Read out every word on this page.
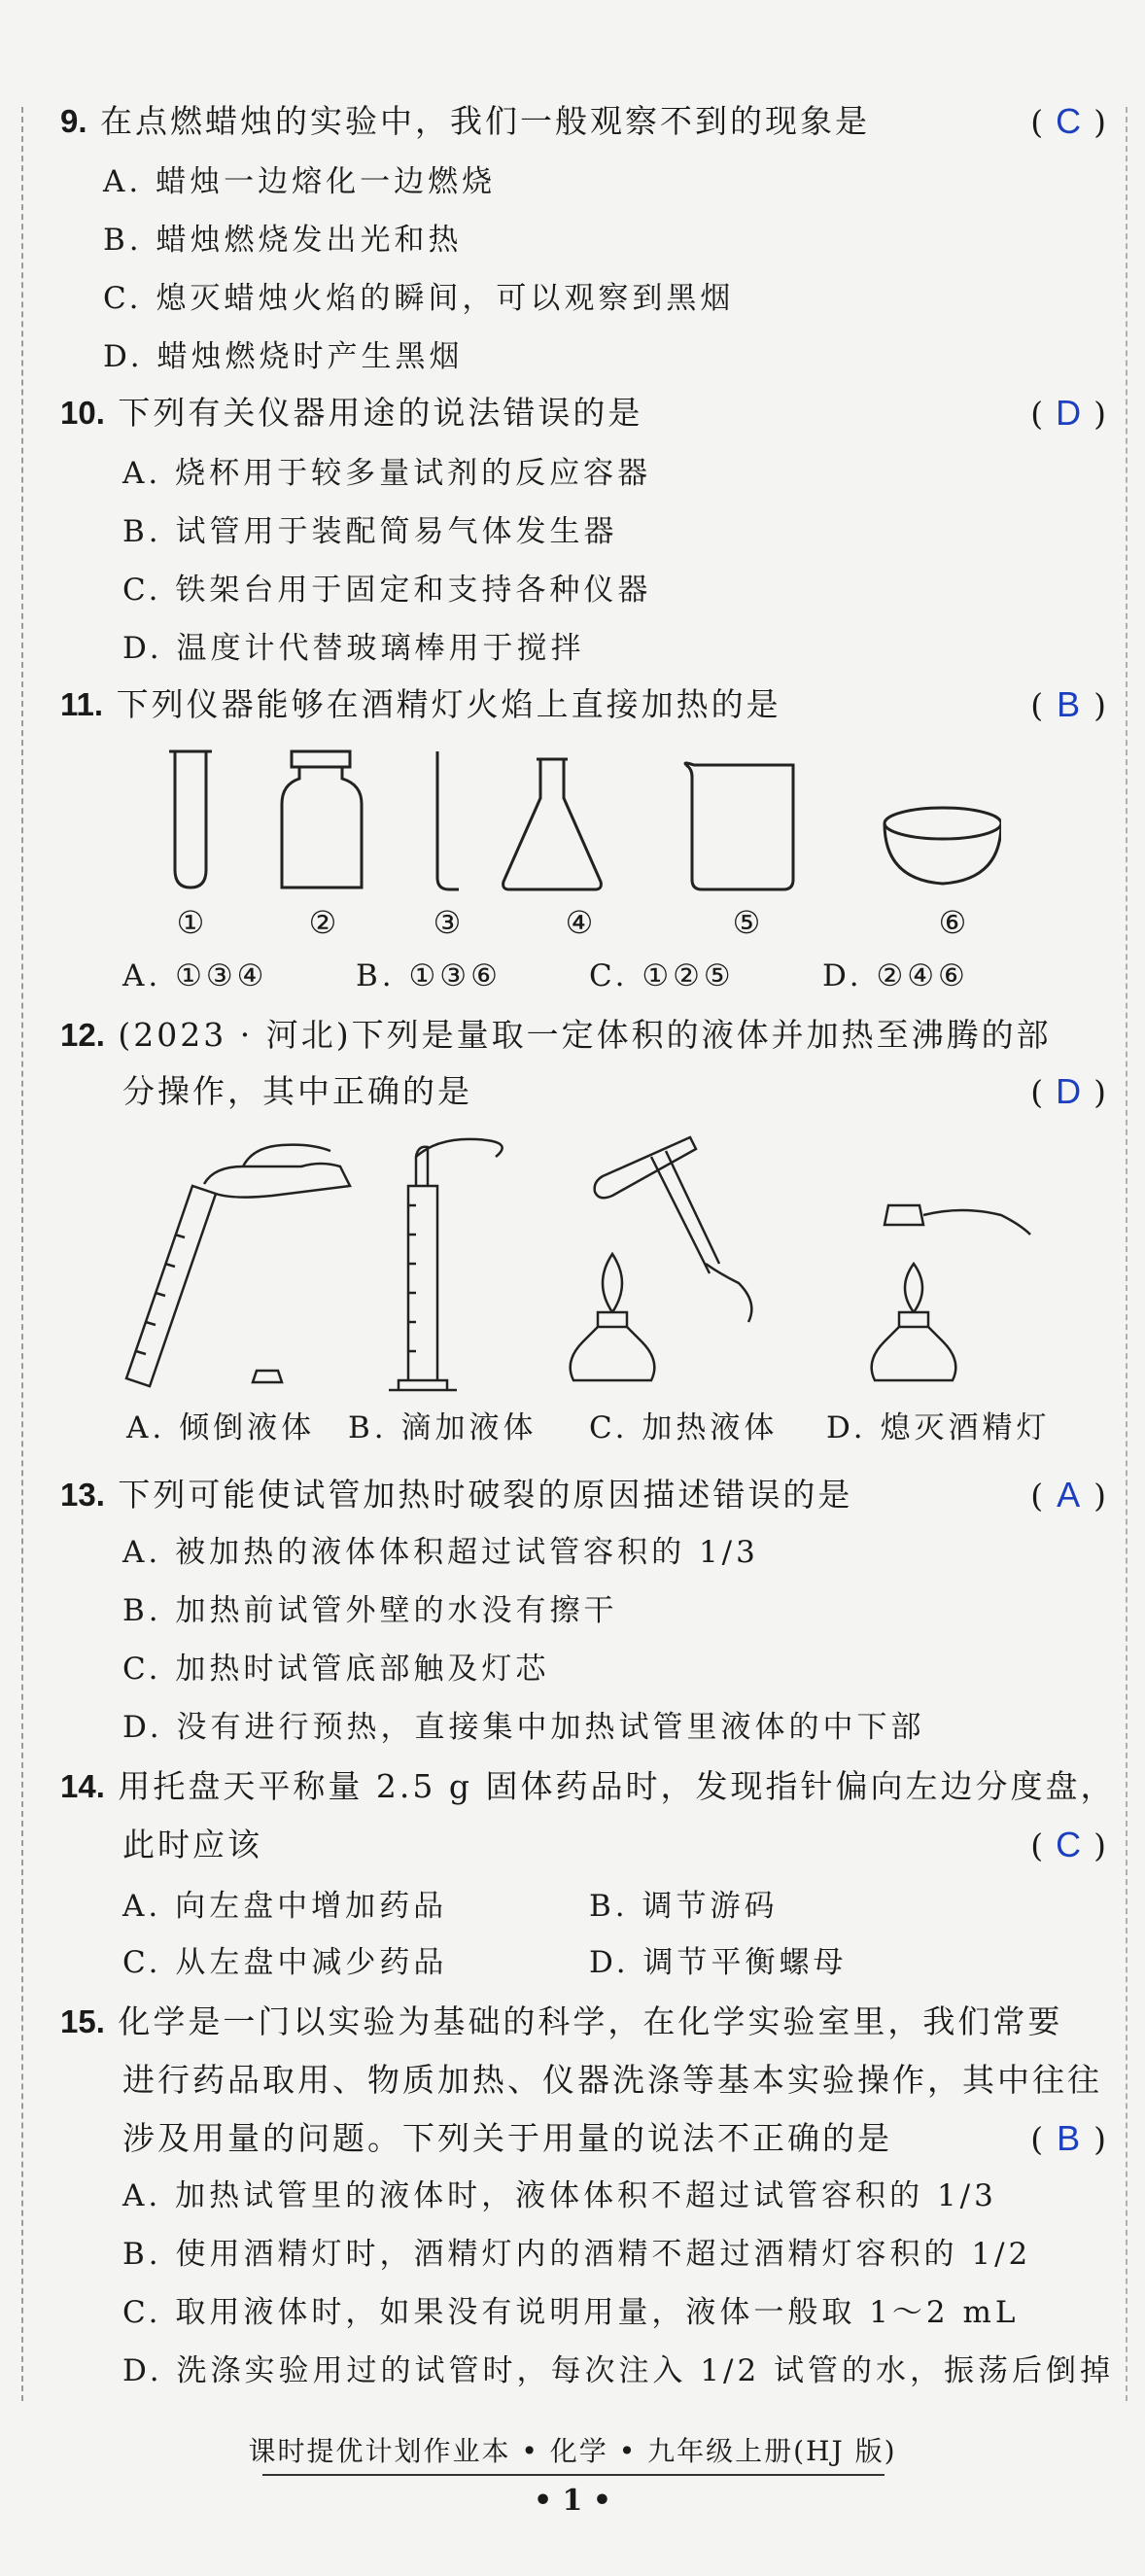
9. 在点燃蜡烛的实验中，我们一般观察不到的现象是	( C )
A. 蜡烛一边熔化一边燃烧
B. 蜡烛燃烧发出光和热
C. 熄灭蜡烛火焰的瞬间，可以观察到黑烟
D. 蜡烛燃烧时产生黑烟
10. 下列有关仪器用途的说法错误的是	( D )
A. 烧杯用于较多量试剂的反应容器
B. 试管用于装配简易气体发生器
C. 铁架台用于固定和支持各种仪器
D. 温度计代替玻璃棒用于搅拌
11. 下列仪器能够在酒精灯火焰上直接加热的是	( B )
①	②	③	④	⑤	⑥
A. ①③④	B. ①③⑥	C. ①②⑤	D. ②④⑥
12. (2023 · 河北)下列是量取一定体积的液体并加热至沸腾的部
分操作，其中正确的是	( D )
A. 倾倒液体 B. 滴加液体 C. 加热液体 D. 熄灭酒精灯
13. 下列可能使试管加热时破裂的原因描述错误的是	( A )
A. 被加热的液体体积超过试管容积的 1/3
B. 加热前试管外壁的水没有擦干
C. 加热时试管底部触及灯芯
D. 没有进行预热，直接集中加热试管里液体的中下部
14. 用托盘天平称量 2.5 g 固体药品时，发现指针偏向左边分度盘，
此时应该	( C )
A. 向左盘中增加药品	B. 调节游码
C. 从左盘中减少药品	D. 调节平衡螺母
15. 化学是一门以实验为基础的科学，在化学实验室里，我们常要
进行药品取用、物质加热、仪器洗涤等基本实验操作，其中往往
涉及用量的问题。下列关于用量的说法不正确的是	( B )
A. 加热试管里的液体时，液体体积不超过试管容积的 1/3
B. 使用酒精灯时，酒精灯内的酒精不超过酒精灯容积的 1/2
C. 取用液体时，如果没有说明用量，液体一般取 1～2 mL
D. 洗涤实验用过的试管时，每次注入 1/2 试管的水，振荡后倒掉
课时提优计划作业本 • 化学 • 九年级上册(HJ 版)
• 1 •
